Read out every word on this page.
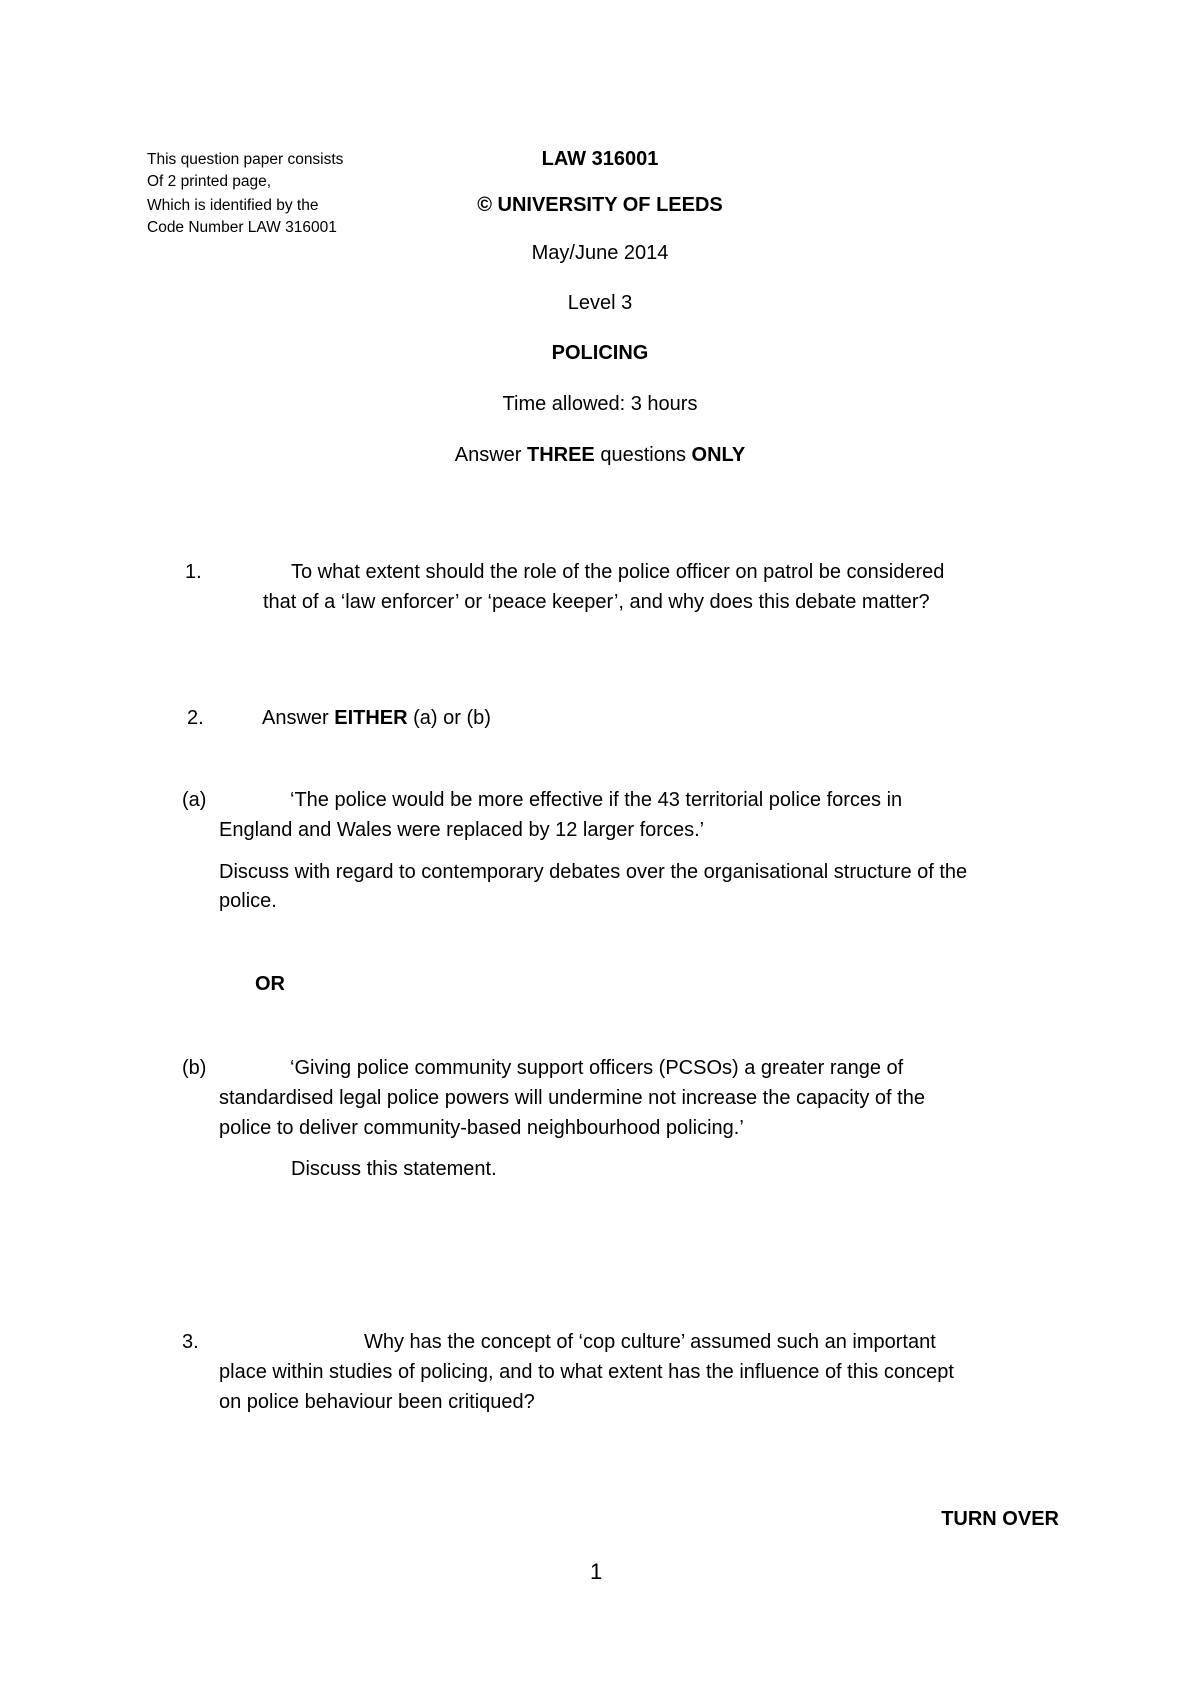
This question paper consists
Of 2 printed page,
Which is identified by the
Code Number LAW 316001
LAW 316001
© UNIVERSITY OF LEEDS
May/June 2014
Level 3
POLICING
Time allowed: 3 hours
Answer THREE questions ONLY
1.	To what extent should the role of the police officer on patrol be considered
that of a ‘law enforcer’ or ‘peace keeper’, and why does this debate matter?
2.	Answer EITHER (a) or (b)
(a)	‘The police would be more effective if the 43 territorial police forces in
England and Wales were replaced by 12 larger forces.’
Discuss with regard to contemporary debates over the organisational structure of the
police.
OR
(b)	‘Giving police community support officers (PCSOs) a greater range of
standardised legal police powers will undermine not increase the capacity of the
police to deliver community-based neighbourhood policing.’
Discuss this statement.
3.	Why has the concept of ‘cop culture’ assumed such an important
place within studies of policing, and to what extent has the influence of this concept
on police behaviour been critiqued?
TURN OVER
1
